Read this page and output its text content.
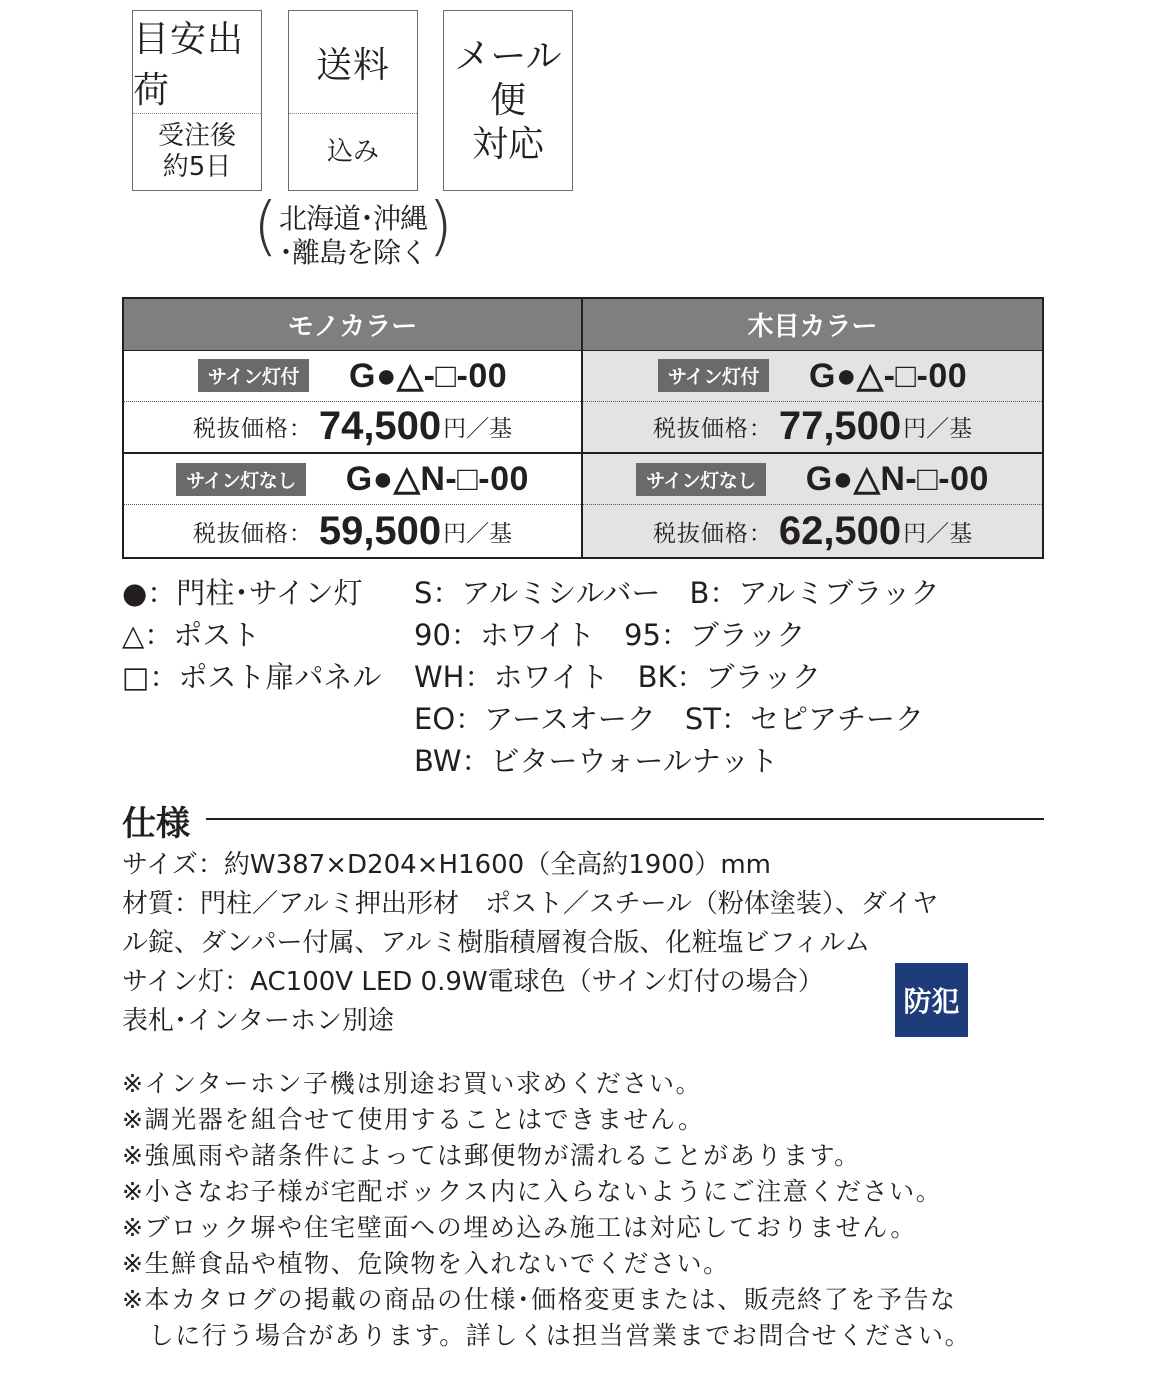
目安出荷
受注後
約5日
送料
込み
メール便
対応
( 北海道･沖縄
･離島を除く )
モノカラー
サイン灯付 G●△-□-00
税抜価格： 74,500 円／基
サイン灯なし G●△N-□-00
税抜価格： 59,500 円／基
木目カラー
サイン灯付 G●△-□-00
税抜価格： 77,500 円／基
サイン灯なし G●△N-□-00
税抜価格： 62,500 円／基
●：門柱･サイン灯
△：ポスト
□：ポスト扉パネル
S：アルミシルバー　B：アルミブラック
90：ホワイト　95：ブラック
WH：ホワイト　BK：ブラック
EO：アースオーク　ST：セピアチーク
BW：ビターウォールナット
仕様
サイズ：約W387×D204×H1600（全高約1900）mm
材質：門柱／アルミ押出形材　ポスト／スチール（粉体塗装）、ダイヤ
ル錠、ダンパー付属、アルミ樹脂積層複合版、化粧塩ビフィルム
サイン灯：AC100V LED 0.9W電球色（サイン灯付の場合）
表札･インターホン別途
防犯
※インターホン子機は別途お買い求めください。
※調光器を組合せて使用することはできません。
※強風雨や諸条件によっては郵便物が濡れることがあります。
※小さなお子様が宅配ボックス内に入らないようにご注意ください。
※ブロック塀や住宅壁面への埋め込み施工は対応しておりません。
※生鮮食品や植物、危険物を入れないでください。
※本カタログの掲載の商品の仕様･価格変更または、販売終了を予告な
　しに行う場合があります。詳しくは担当営業までお問合せください。
